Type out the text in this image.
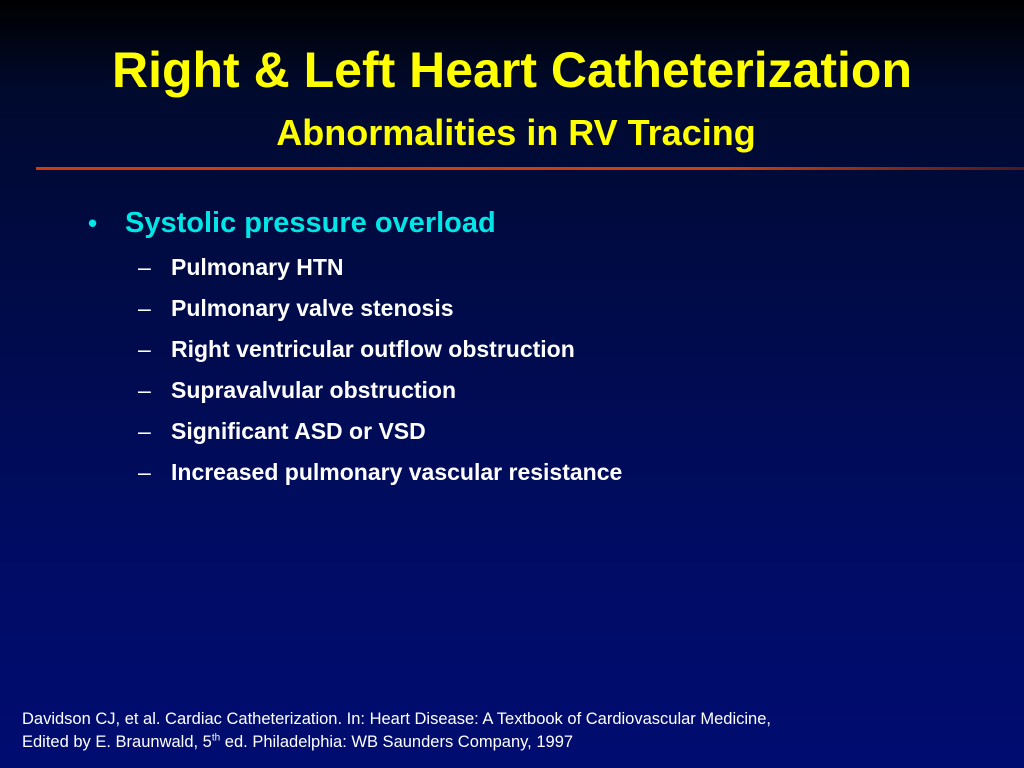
Right & Left Heart Catheterization
Abnormalities in RV Tracing
• Systolic pressure overload
– Pulmonary HTN
– Pulmonary valve stenosis
– Right ventricular outflow obstruction
– Supravalvular obstruction
– Significant ASD or VSD
– Increased pulmonary vascular resistance
Davidson CJ, et al. Cardiac Catheterization. In: Heart Disease: A Textbook of Cardiovascular Medicine,
Edited by E. Braunwald, 5th ed. Philadelphia: WB Saunders Company, 1997
